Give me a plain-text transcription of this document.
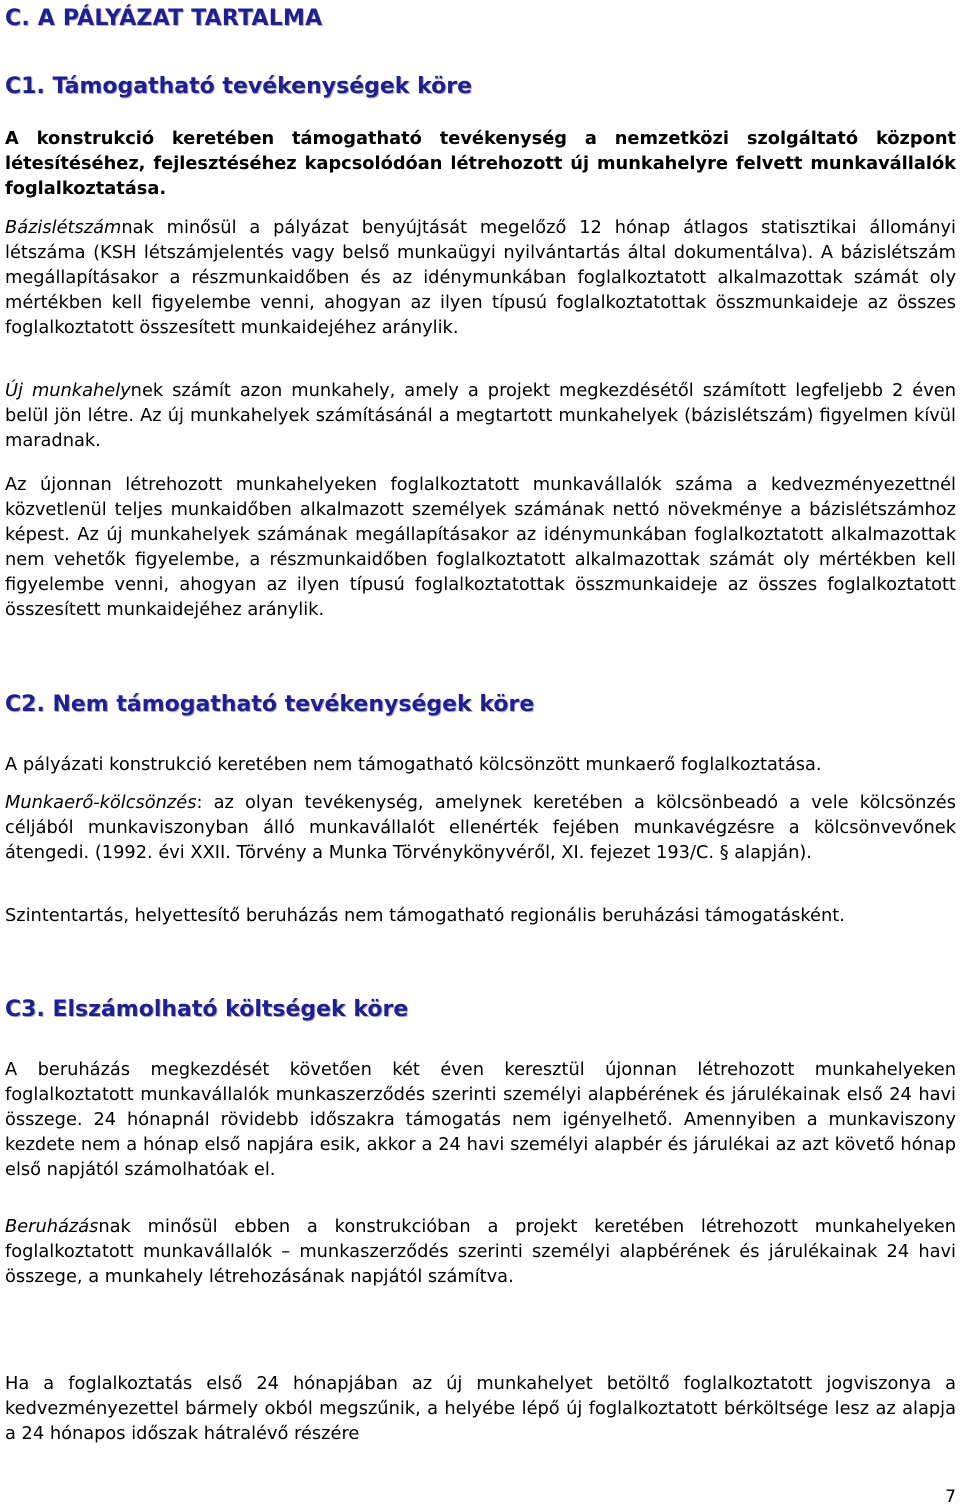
C. A PÁLYÁZAT TARTALMA
C1. Támogatható tevékenységek köre

A konstrukció keretében támogatható tevékenység a nemzetközi szolgáltató központ létesítéséhez, fejlesztéséhez kapcsolódóan létrehozott új munkahelyre felvett munkavállalók foglalkoztatása.

Bázislétszámnak minősül a pályázat benyújtását megelőző 12 hónap átlagos statisztikai állományi létszáma (KSH létszámjelentés vagy belső munkaügyi nyilvántartás által dokumentálva). A bázislétszám megállapításakor a részmunkaidőben és az idénymunkában foglalkoztatott alkalmazottak számát oly mértékben kell figyelembe venni, ahogyan az ilyen típusú foglalkoztatottak összmunkaideje az összes foglalkoztatott összesített munkaidejéhez aránylik.

Új munkahelynek számít azon munkahely, amely a projekt megkezdésétől számított legfeljebb 2 éven belül jön létre. Az új munkahelyek számításánál a megtartott munkahelyek (bázislétszám) figyelmen kívül maradnak.

Az újonnan létrehozott munkahelyeken foglalkoztatott munkavállalók száma a kedvezményezettnél közvetlenül teljes munkaidőben alkalmazott személyek számának nettó növekménye a bázislétszámhoz képest. Az új munkahelyek számának megállapításakor az idénymunkában foglalkoztatott alkalmazottak nem vehetők figyelembe, a részmunkaidőben foglalkoztatott alkalmazottak számát oly mértékben kell figyelembe venni, ahogyan az ilyen típusú foglalkoztatottak összmunkaideje az összes foglalkoztatott összesített munkaidejéhez aránylik.

C2. Nem támogatható tevékenységek köre

A pályázati konstrukció keretében nem támogatható kölcsönzött munkaerő foglalkoztatása.

Munkaerő-kölcsönzés: az olyan tevékenység, amelynek keretében a kölcsönbeadó a vele kölcsönzés céljából munkaviszonyban álló munkavállalót ellenérték fejében munkavégzésre a kölcsönvevőnek átengedi. (1992. évi XXII. Törvény a Munka Törvénykönyvéről, XI. fejezet 193/C. § alapján).

Szintentartás, helyettesítő beruházás nem támogatható regionális beruházási támogatásként.

C3. Elszámolható költségek köre

A beruházás megkezdését követően két éven keresztül újonnan létrehozott munkahelyeken foglalkoztatott munkavállalók munkaszerződés szerinti személyi alapbérének és járulékainak első 24 havi összege. 24 hónapnál rövidebb időszakra támogatás nem igényelhető. Amennyiben a munkaviszony kezdete nem a hónap első napjára esik, akkor a 24 havi személyi alapbér és járulékai az azt követő hónap első napjától számolhatóak el.

Beruházásnak minősül ebben a konstrukcióban a projekt keretében létrehozott munkahelyeken foglalkoztatott munkavállalók – munkaszerződés szerinti személyi alapbérének és járulékainak 24 havi összege, a munkahely létrehozásának napjától számítva.

Ha a foglalkoztatás első 24 hónapjában az új munkahelyet betöltő foglalkoztatott jogviszonya a kedvezményezettel bármely okból megszűnik, a helyébe lépő új foglalkoztatott bérköltsége lesz az alapja a 24 hónapos időszak hátralévő részére

7
